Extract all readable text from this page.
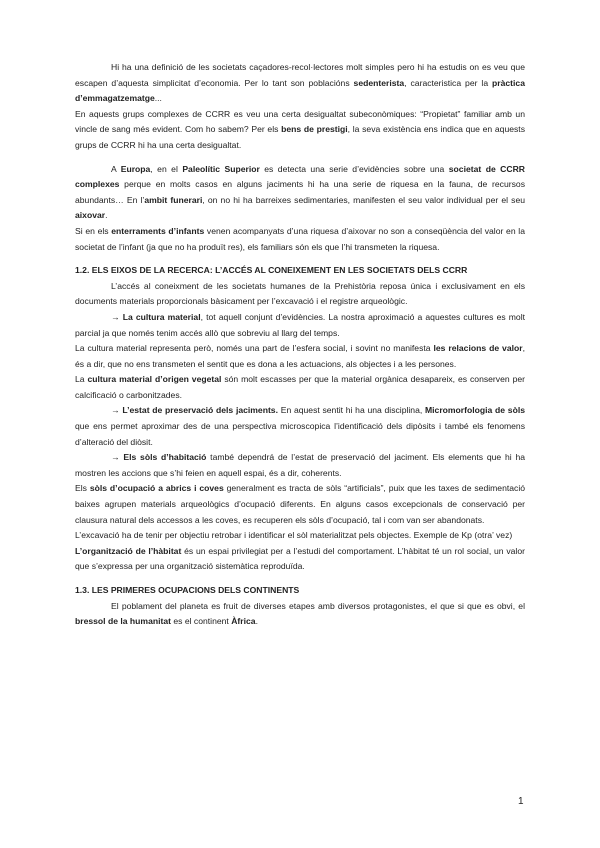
Hi ha una definició de les societats caçadores-recol·lectores molt simples pero hi ha estudis on es veu que escapen d’aquesta simplicitat d’economia. Per lo tant son poblacións sedenterista, caracteristica per la pràctica d’emmagatzematge...

En aquests grups complexes de CCRR es veu una certa desigualtat subeconòmiques: “Propietat” familiar amb un vincle de sang més evident. Com ho sabem? Per els bens de prestigi, la seva existència ens indica que en aquests grups de CCRR hi ha una certa desigualtat.

A Europa, en el Paleolític Superior es detecta una serie d’evidències sobre una societat de CCRR complexes perque en molts casos en alguns jaciments hi ha una serie de riquesa en la fauna, de recursos abundants… En l’ambit funerari, on no hi ha barreixes sedimentaries, manifesten el seu valor individual per el seu aixovar.

Si en els enterraments d’infants venen acompanyats d’una riquesa d’aixovar no son a conseqüència del valor en la societat de l’infant (ja que no ha produït res), els familiars són els que l’hi transmeten la riquesa.

1.2. ELS EIXOS DE LA RECERCA: L’ACCÉS AL CONEIXEMENT EN LES SOCIETATS DELS CCRR

L’accés al coneixment de les societats humanes de la Prehistòria reposa única i exclusivament en els documents materials proporcionals bàsicament per l’excavació i el registre arqueològic.

→ La cultura material, tot aquell conjunt d’evidències. La nostra aproximació a aquestes cultures es molt parcial ja que només tenim accés allò que sobreviu al llarg del temps.

La cultura material representa però, només una part de l’esfera social, i sovint no manifesta les relacions de valor, és a dir, que no ens transmeten el sentit que es dona a les actuacions, als objectes i a les persones.

La cultura material d’origen vegetal són molt escasses per que la material orgànica desapareix, es conserven per calcificació o carbonitzades.

→ L’estat de preservació dels jaciments. En aquest sentit hi ha una disciplina, Micromorfologia de sòls que ens permet aproximar des de una perspectiva microscopica l’identificació dels dipòsits i també els fenomens d’alteració del diòsit.

→ Els sòls d’habitació també dependrá de l’estat de preservació del jaciment. Els elements que hi ha mostren les accions que s’hi feien en aquell espai, és a dir, coherents.

Els sòls d’ocupació a abrics i coves generalment es tracta de sòls “artificials”, puix que les taxes de sedimentació baixes agrupen materials arqueològics d’ocupació diferents. En alguns casos excepcionals de conservació per clausura natural dels accessos a les coves, es recuperen els sòls d’ocupació, tal i com van ser abandonats.

L’excavació ha de tenir per objectiu retrobar i identificar el sòl materialitzat pels objectes. Exemple de Kp (otra’ vez)

L’organització de l’hàbitat és un espai privilegiat per a l’estudi del comportament. L’hàbitat té un rol social, un valor que s’expressa per una organització sistemàtica reproduïda.

1.3. LES PRIMERES OCUPACIONS DELS CONTINENTS

El poblament del planeta es fruit de diverses etapes amb diversos protagonistes, el que si que es obvi, el bressol de la humanitat es el continent Àfrica.

1
